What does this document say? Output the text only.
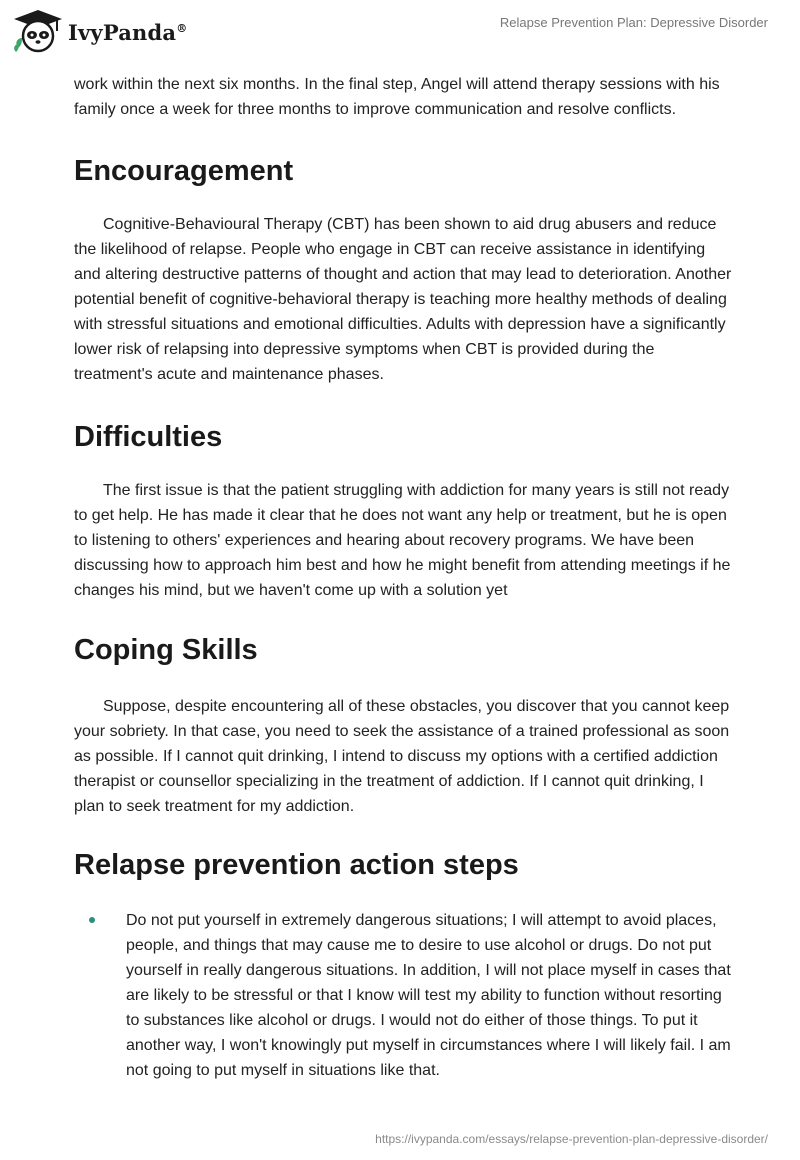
IvyPanda®	Relapse Prevention Plan: Depressive Disorder

work within the next six months. In the final step, Angel will attend therapy sessions with his family once a week for three months to improve communication and resolve conflicts.

Encouragement

Cognitive-Behavioural Therapy (CBT) has been shown to aid drug abusers and reduce the likelihood of relapse. People who engage in CBT can receive assistance in identifying and altering destructive patterns of thought and action that may lead to deterioration. Another potential benefit of cognitive-behavioral therapy is teaching more healthy methods of dealing with stressful situations and emotional difficulties. Adults with depression have a significantly lower risk of relapsing into depressive symptoms when CBT is provided during the treatment's acute and maintenance phases.

Difficulties

The first issue is that the patient struggling with addiction for many years is still not ready to get help. He has made it clear that he does not want any help or treatment, but he is open to listening to others' experiences and hearing about recovery programs. We have been discussing how to approach him best and how he might benefit from attending meetings if he changes his mind, but we haven't come up with a solution yet

Coping Skills

Suppose, despite encountering all of these obstacles, you discover that you cannot keep your sobriety. In that case, you need to seek the assistance of a trained professional as soon as possible. If I cannot quit drinking, I intend to discuss my options with a certified addiction therapist or counsellor specializing in the treatment of addiction. If I cannot quit drinking, I plan to seek treatment for my addiction.

Relapse prevention action steps
Do not put yourself in extremely dangerous situations; I will attempt to avoid places, people, and things that may cause me to desire to use alcohol or drugs. Do not put yourself in really dangerous situations. In addition, I will not place myself in cases that are likely to be stressful or that I know will test my ability to function without resorting to substances like alcohol or drugs. I would not do either of those things. To put it another way, I won't knowingly put myself in circumstances where I will likely fail. I am not going to put myself in situations like that.
https://ivypanda.com/essays/relapse-prevention-plan-depressive-disorder/
